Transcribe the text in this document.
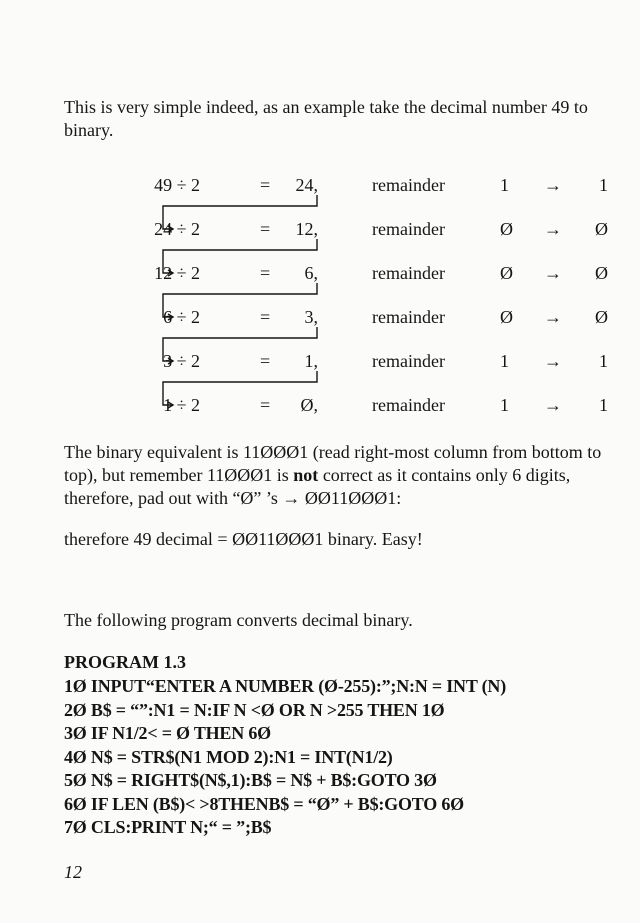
This is very simple indeed, as an example take the decimal number 49 to binary.

49 ÷ 2	= 24,	remainder	1 → 1
24 ÷ 2	= 12,	remainder	Ø → Ø
12 ÷ 2	= 6,	remainder	Ø → Ø
6 ÷ 2	= 3,	remainder	Ø → Ø
3 ÷ 2	= 1,	remainder	1 → 1
1 ÷ 2	= Ø,	remainder	1 → 1

The binary equivalent is 11ØØØ1 (read right-most column from bottom to top), but remember 11ØØØ1 is not correct as it contains only 6 digits, therefore, pad out with “Ø” ’s → ØØ11ØØØ1:

therefore 49 decimal = ØØ11ØØØ1 binary. Easy!

The following program converts decimal binary.

PROGRAM 1.3

1Ø INPUT“ENTER A NUMBER (Ø-255):”;N:N = INT (N)
2Ø B$ = “”:N1 = N:IF N <Ø OR N >255 THEN 1Ø
3Ø IF N1/2< = Ø THEN 6Ø
4Ø N$ = STR$(N1 MOD 2):N1 = INT(N1/2)
5Ø N$ = RIGHT$(N$,1):B$ = N$ + B$:GOTO 3Ø
6Ø IF LEN (B$)< >8THENB$ = “Ø” + B$:GOTO 6Ø
7Ø CLS:PRINT N;“ = ”;B$
12
